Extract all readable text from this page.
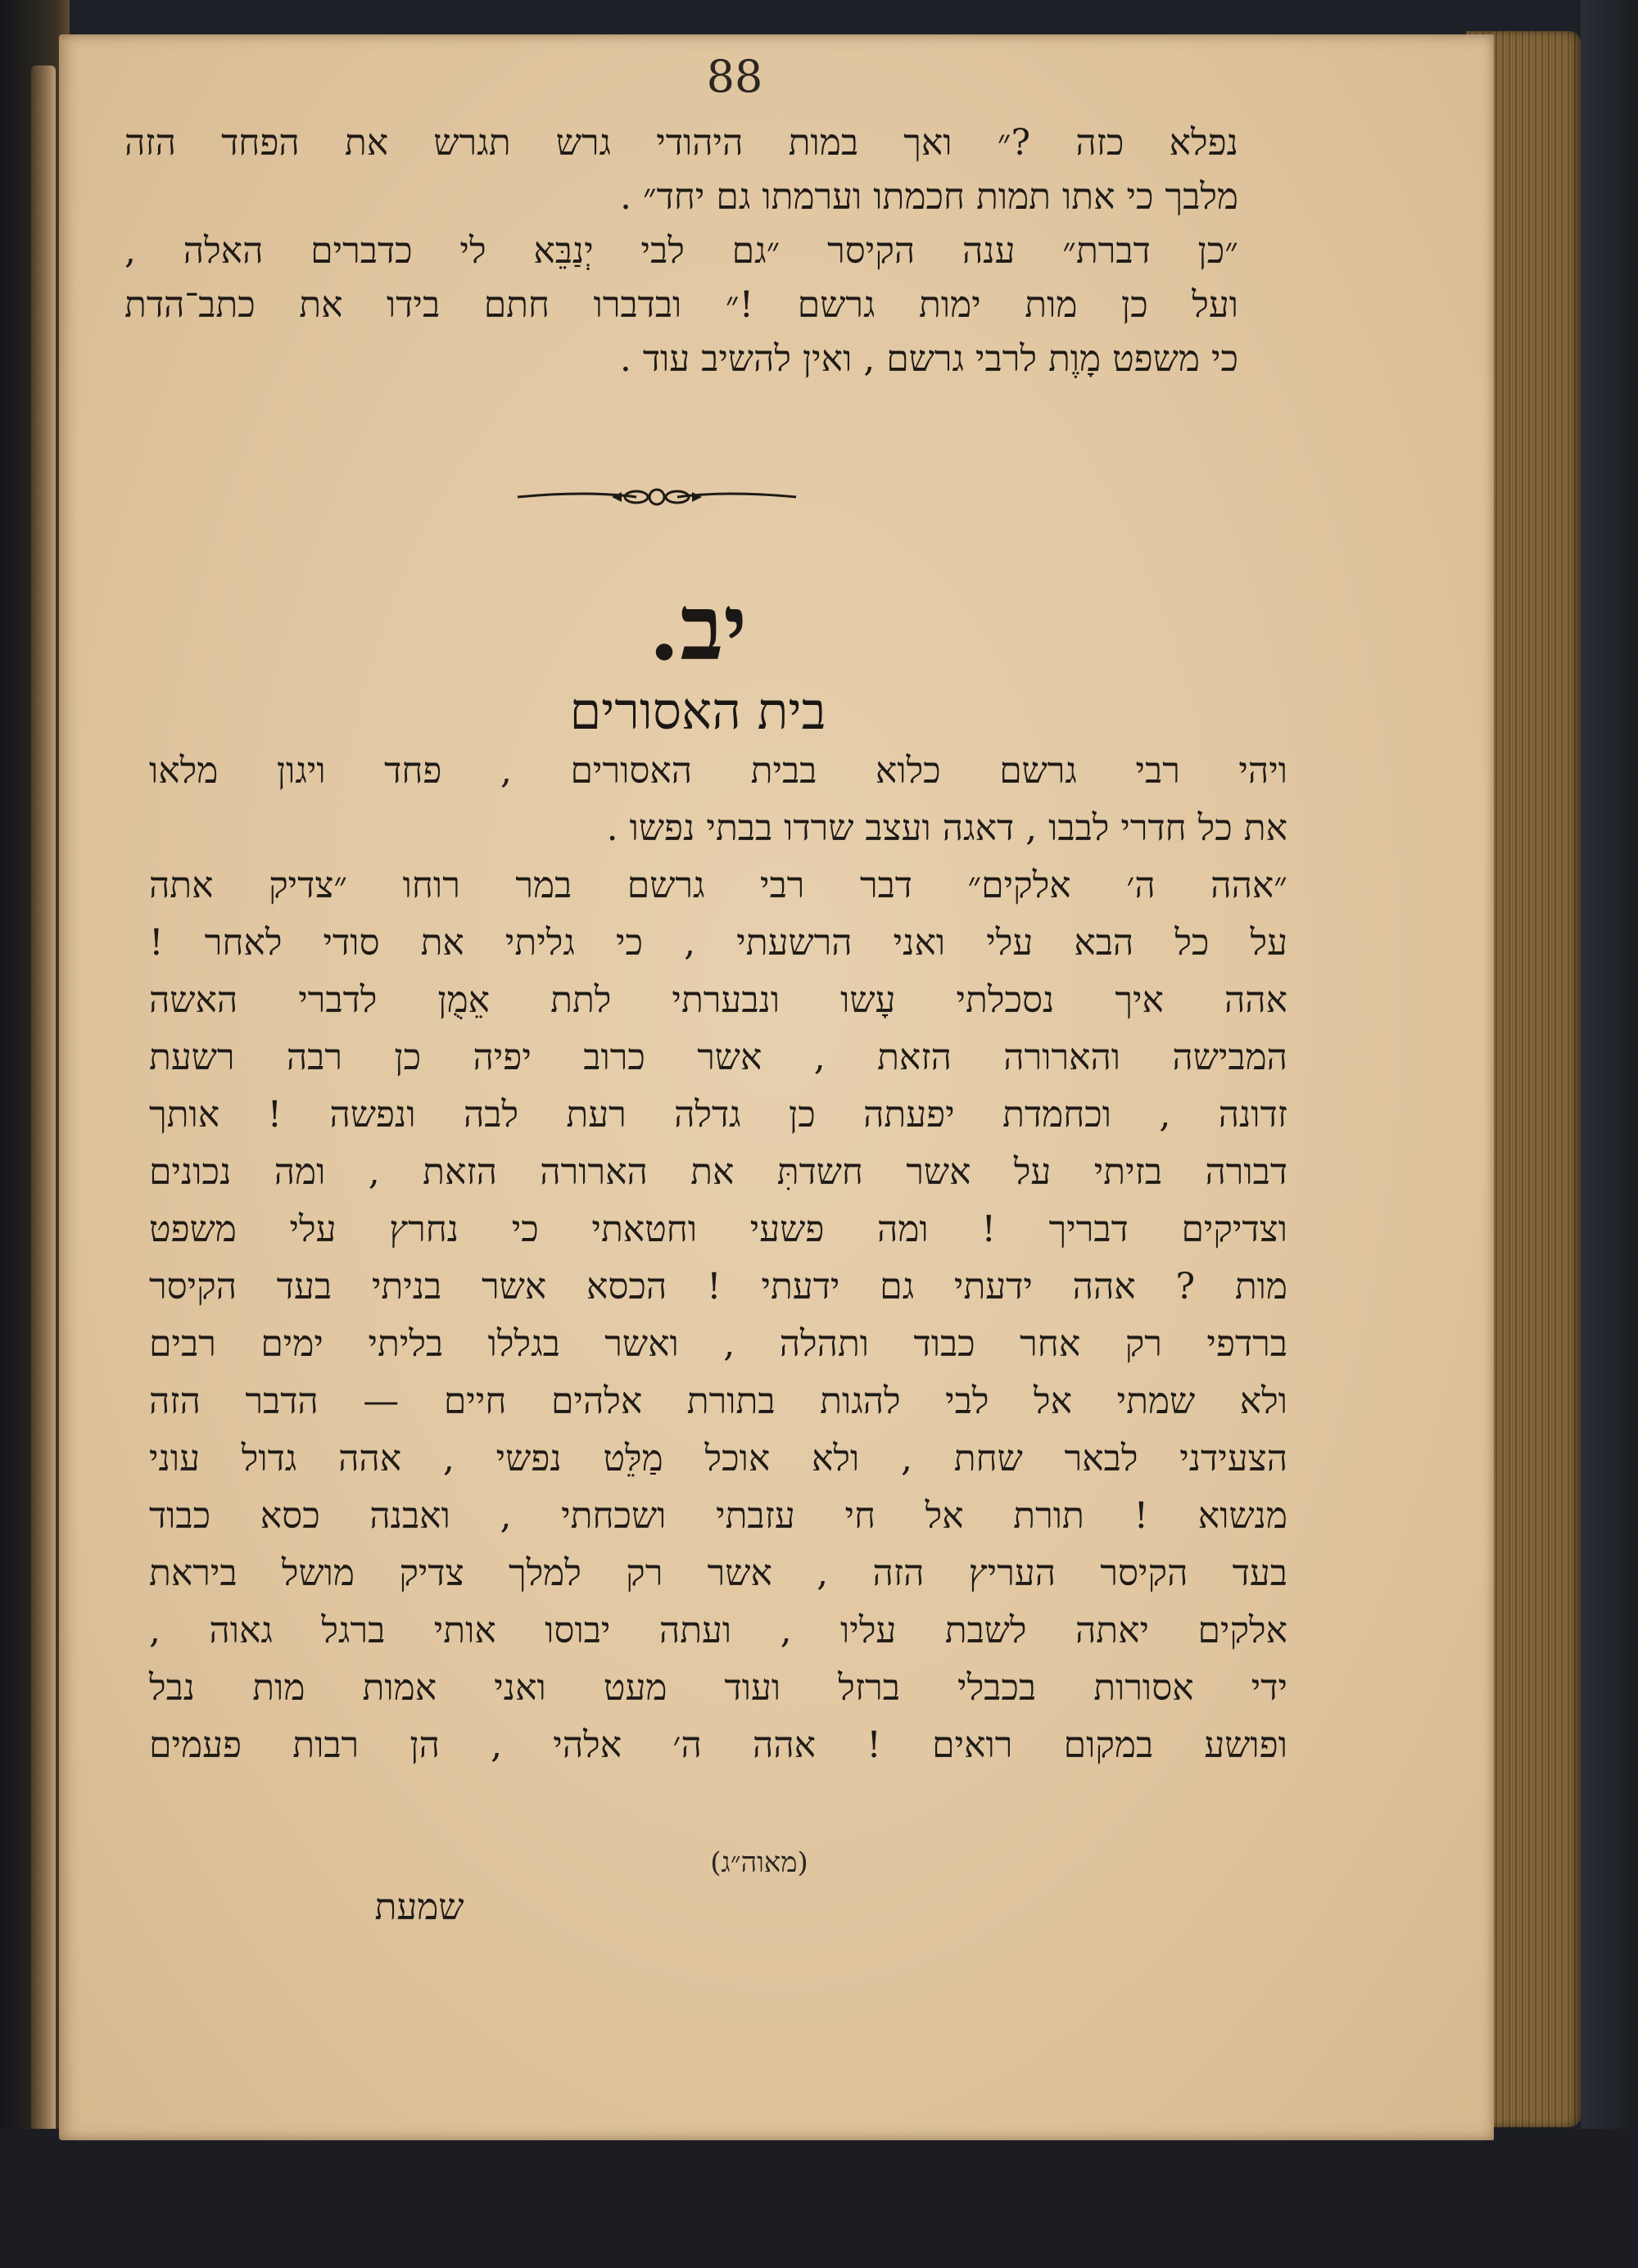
88
נפלא כזה ?״ ואך במות היהודי גרש תגרש את הפחד הזה
מלבך כי אתו תמות חכמתו וערמתו גם יחד״ .
״כן דברת״ ענה הקיסר ״גם לבי יְנַבֵּא לי כדברים האלה ,
ועל כן מות ימות גרשם !״ ובדברו חתם בידו את כתב־הדת
כי משפט מָוֶת לרבי גרשם , ואין להשיב עוד .
יב.
בית האסורים
ויהי רבי גרשם כלוא בבית האסורים , פחד ויגון מלאו
את כל חדרי לבבו , דאגה ועצב שרדו בבתי נפשו .
״אהה ה׳ אלקים״ דבר רבי גרשם במר רוחו ״צדיק אתה
על כל הבא עלי ואני הרשעתי , כי גליתי את סודי לאחר !
אהה איך נסכלתי עָשו ונבערתי לתת אֵמֻן לדברי האשה
המבישה והארורה הזאת , אשר כרוב יפיה כן רבה רשעת
זדונה , וכחמדת יפעתה כן גדלה רעת לבה ונפשה ! אותך
דבורה בזיתי על אשר חשדתִּ את הארורה הזאת , ומה נכונים
וצדיקים דבריך ! ומה פשעי וחטאתי כי נחרץ עלי משפט
מות ? אהה ידעתי גם ידעתי ! הכסא אשר בניתי בעד הקיסר
ברדפי רק אחר כבוד ותהלה , ואשר בגללו בליתי ימים רבים
ולא שמתי אל לבי להגות בתורת אלהים חיים — הדבר הזה
הצעידני לבאר שחת , ולא אוכל מַלֵּט נפשי , אהה גדול עוני
מנשוא ! תורת אל חי עזבתי ושכחתי , ואבנה כסא כבוד
בעד הקיסר העריץ הזה , אשר רק למלך צדיק מושל ביראת
אלקים יאתה לשבת עליו , ועתה יבוסו אותי ברגל גאוה ,
ידי אסורות בכבלי ברזל ועוד מעט ואני אמות מות נבל
ופושע במקום רואים ! אהה ה׳ אלהי , הן רבות פעמים
(מאוה״ג)
שמעת
